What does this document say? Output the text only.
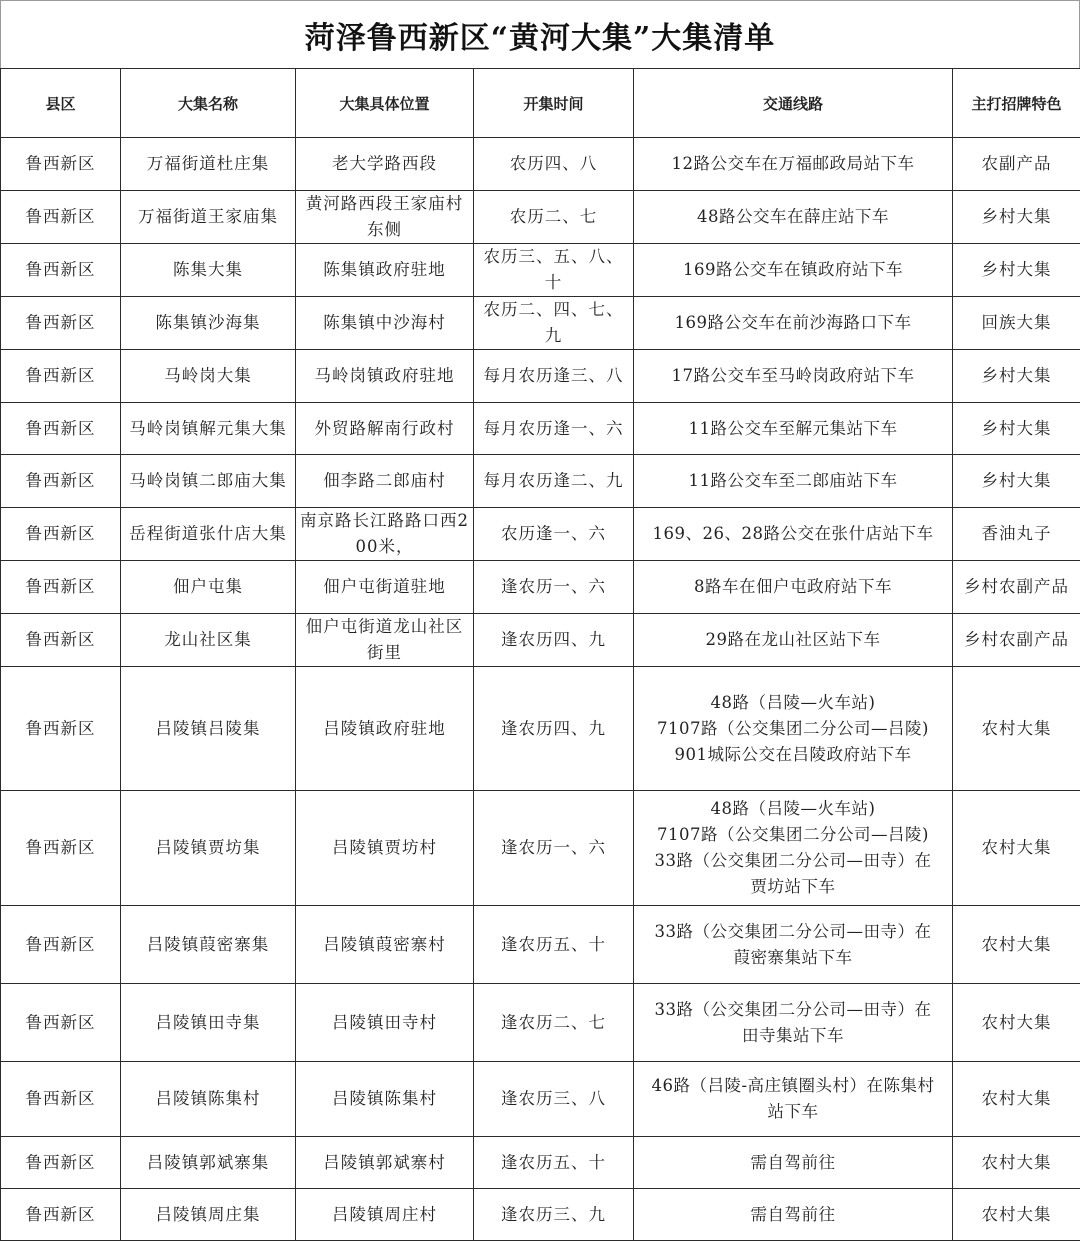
菏泽鲁西新区“黄河大集”大集清单
县区	大集名称	大集具体位置	开集时间	交通线路	主打招牌特色
鲁西新区	万福街道杜庄集	老大学路西段	农历四、八	12路公交车在万福邮政局站下车	农副产品
鲁西新区	万福街道王家庙集	黄河路西段王家庙村东侧	农历二、七	48路公交车在薛庄站下车	乡村大集
鲁西新区	陈集大集	陈集镇政府驻地	农历三、五、八、十	169路公交车在镇政府站下车	乡村大集
鲁西新区	陈集镇沙海集	陈集镇中沙海村	农历二、四、七、九	169路公交车在前沙海路口下车	回族大集
鲁西新区	马岭岗大集	马岭岗镇政府驻地	每月农历逢三、八	17路公交车至马岭岗政府站下车	乡村大集
鲁西新区	马岭岗镇解元集大集	外贸路解南行政村	每月农历逢一、六	11路公交车至解元集站下车	乡村大集
鲁西新区	马岭岗镇二郎庙大集	佃李路二郎庙村	每月农历逢二、九	11路公交车至二郎庙站下车	乡村大集
鲁西新区	岳程街道张什店大集	南京路长江路路口西200米，	农历逢一、六	169、26、28路公交在张什店站下车	香油丸子
鲁西新区	佃户屯集	佃户屯街道驻地	逢农历一、六	8路车在佃户屯政府站下车	乡村农副产品
鲁西新区	龙山社区集	佃户屯街道龙山社区街里	逢农历四、九	29路在龙山社区站下车	乡村农副产品
鲁西新区	吕陵镇吕陵集	吕陵镇政府驻地	逢农历四、九	48路（吕陵—火车站)
7107路（公交集团二分公司—吕陵)
901城际公交在吕陵政府站下车	农村大集
鲁西新区	吕陵镇贾坊集	吕陵镇贾坊村	逢农历一、六	48路（吕陵—火车站)
7107路（公交集团二分公司—吕陵)
33路（公交集团二分公司—田寺）在
贾坊站下车	农村大集
鲁西新区	吕陵镇葭密寨集	吕陵镇葭密寨村	逢农历五、十	33路（公交集团二分公司—田寺）在
葭密寨集站下车	农村大集
鲁西新区	吕陵镇田寺集	吕陵镇田寺村	逢农历二、七	33路（公交集团二分公司—田寺）在
田寺集站下车	农村大集
鲁西新区	吕陵镇陈集村	吕陵镇陈集村	逢农历三、八	46路（吕陵-高庄镇圈头村）在陈集村
站下车	农村大集
鲁西新区	吕陵镇郭斌寨集	吕陵镇郭斌寨村	逢农历五、十	需自驾前往	农村大集
鲁西新区	吕陵镇周庄集	吕陵镇周庄村	逢农历三、九	需自驾前往	农村大集
